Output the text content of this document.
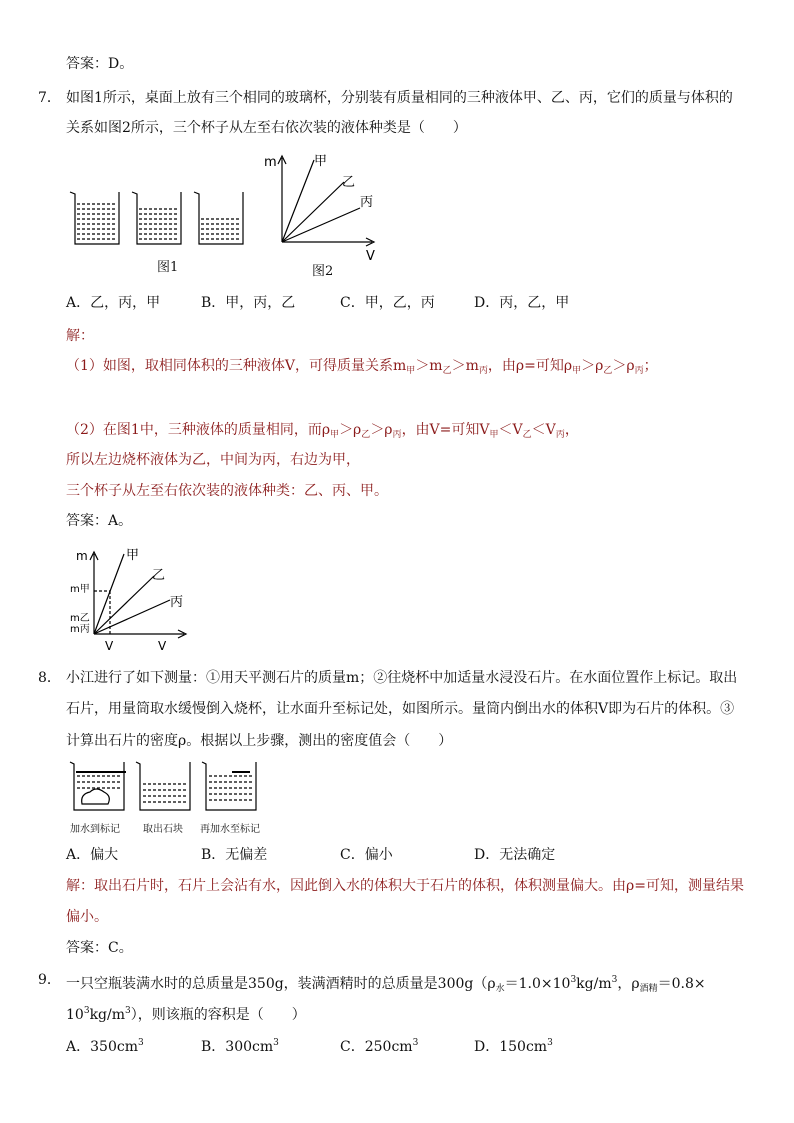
答案：D。
7． 如图1所示，桌面上放有三个相同的玻璃杯，分别装有质量相同的三种液体甲、乙、丙，它们的质量与体积的
关系如图2所示，三个杯子从左至右依次装的液体种类是（　　）
图1
m
V
甲
乙
丙
图2
A．乙，丙，甲	B．甲，丙，乙	C．甲，乙，丙	D．丙，乙，甲
解：
（1）如图，取相同体积的三种液体V，可得质量关系$m_甲>m_乙>m_丙$，由ρ=可知$\rho_甲>\rho_乙>\rho_丙$；
（2）在图1中，三种液体的质量相同，而$\rho_甲>\rho_乙>\rho_丙$，由V=可知$V_甲<V_乙<V_丙$，
所以左边烧杯液体为乙，中间为丙，右边为甲，
三个杯子从左至右依次装的液体种类：乙、丙、甲。
答案：A。
m	甲
乙
丙
m甲
m乙
m丙
V	V
8． 小江进行了如下测量：①用天平测石片的质量m；②往烧杯中加适量水浸没石片。在水面位置作上标记。取出
石片，用量筒取水缓慢倒入烧杯，让水面升至标记处，如图所示。量筒内倒出水的体积V即为石片的体积。③
计算出石片的密度ρ。根据以上步骤，测出的密度值会（　　）
加水到标记 取出石块 再加水至标记
A．偏大	B．无偏差	C．偏小	D．无法确定
解：取出石片时，石片上会沾有水，因此倒入水的体积大于石片的体积，体积测量偏大。由ρ=可知，测量结果
偏小。
答案：C。
9． 一只空瓶装满水时的总质量是350g，装满酒精时的总质量是$300g(\rho_水=1.0\times 10^3kg/m^3$，$\rho_{酒精}=0.8\times$
$10^3kg/m^3$），则该瓶的容积是（　　）
A．$350cm^3$	B．$300cm^3$	C．$250cm^3$	D．$150cm^3$
